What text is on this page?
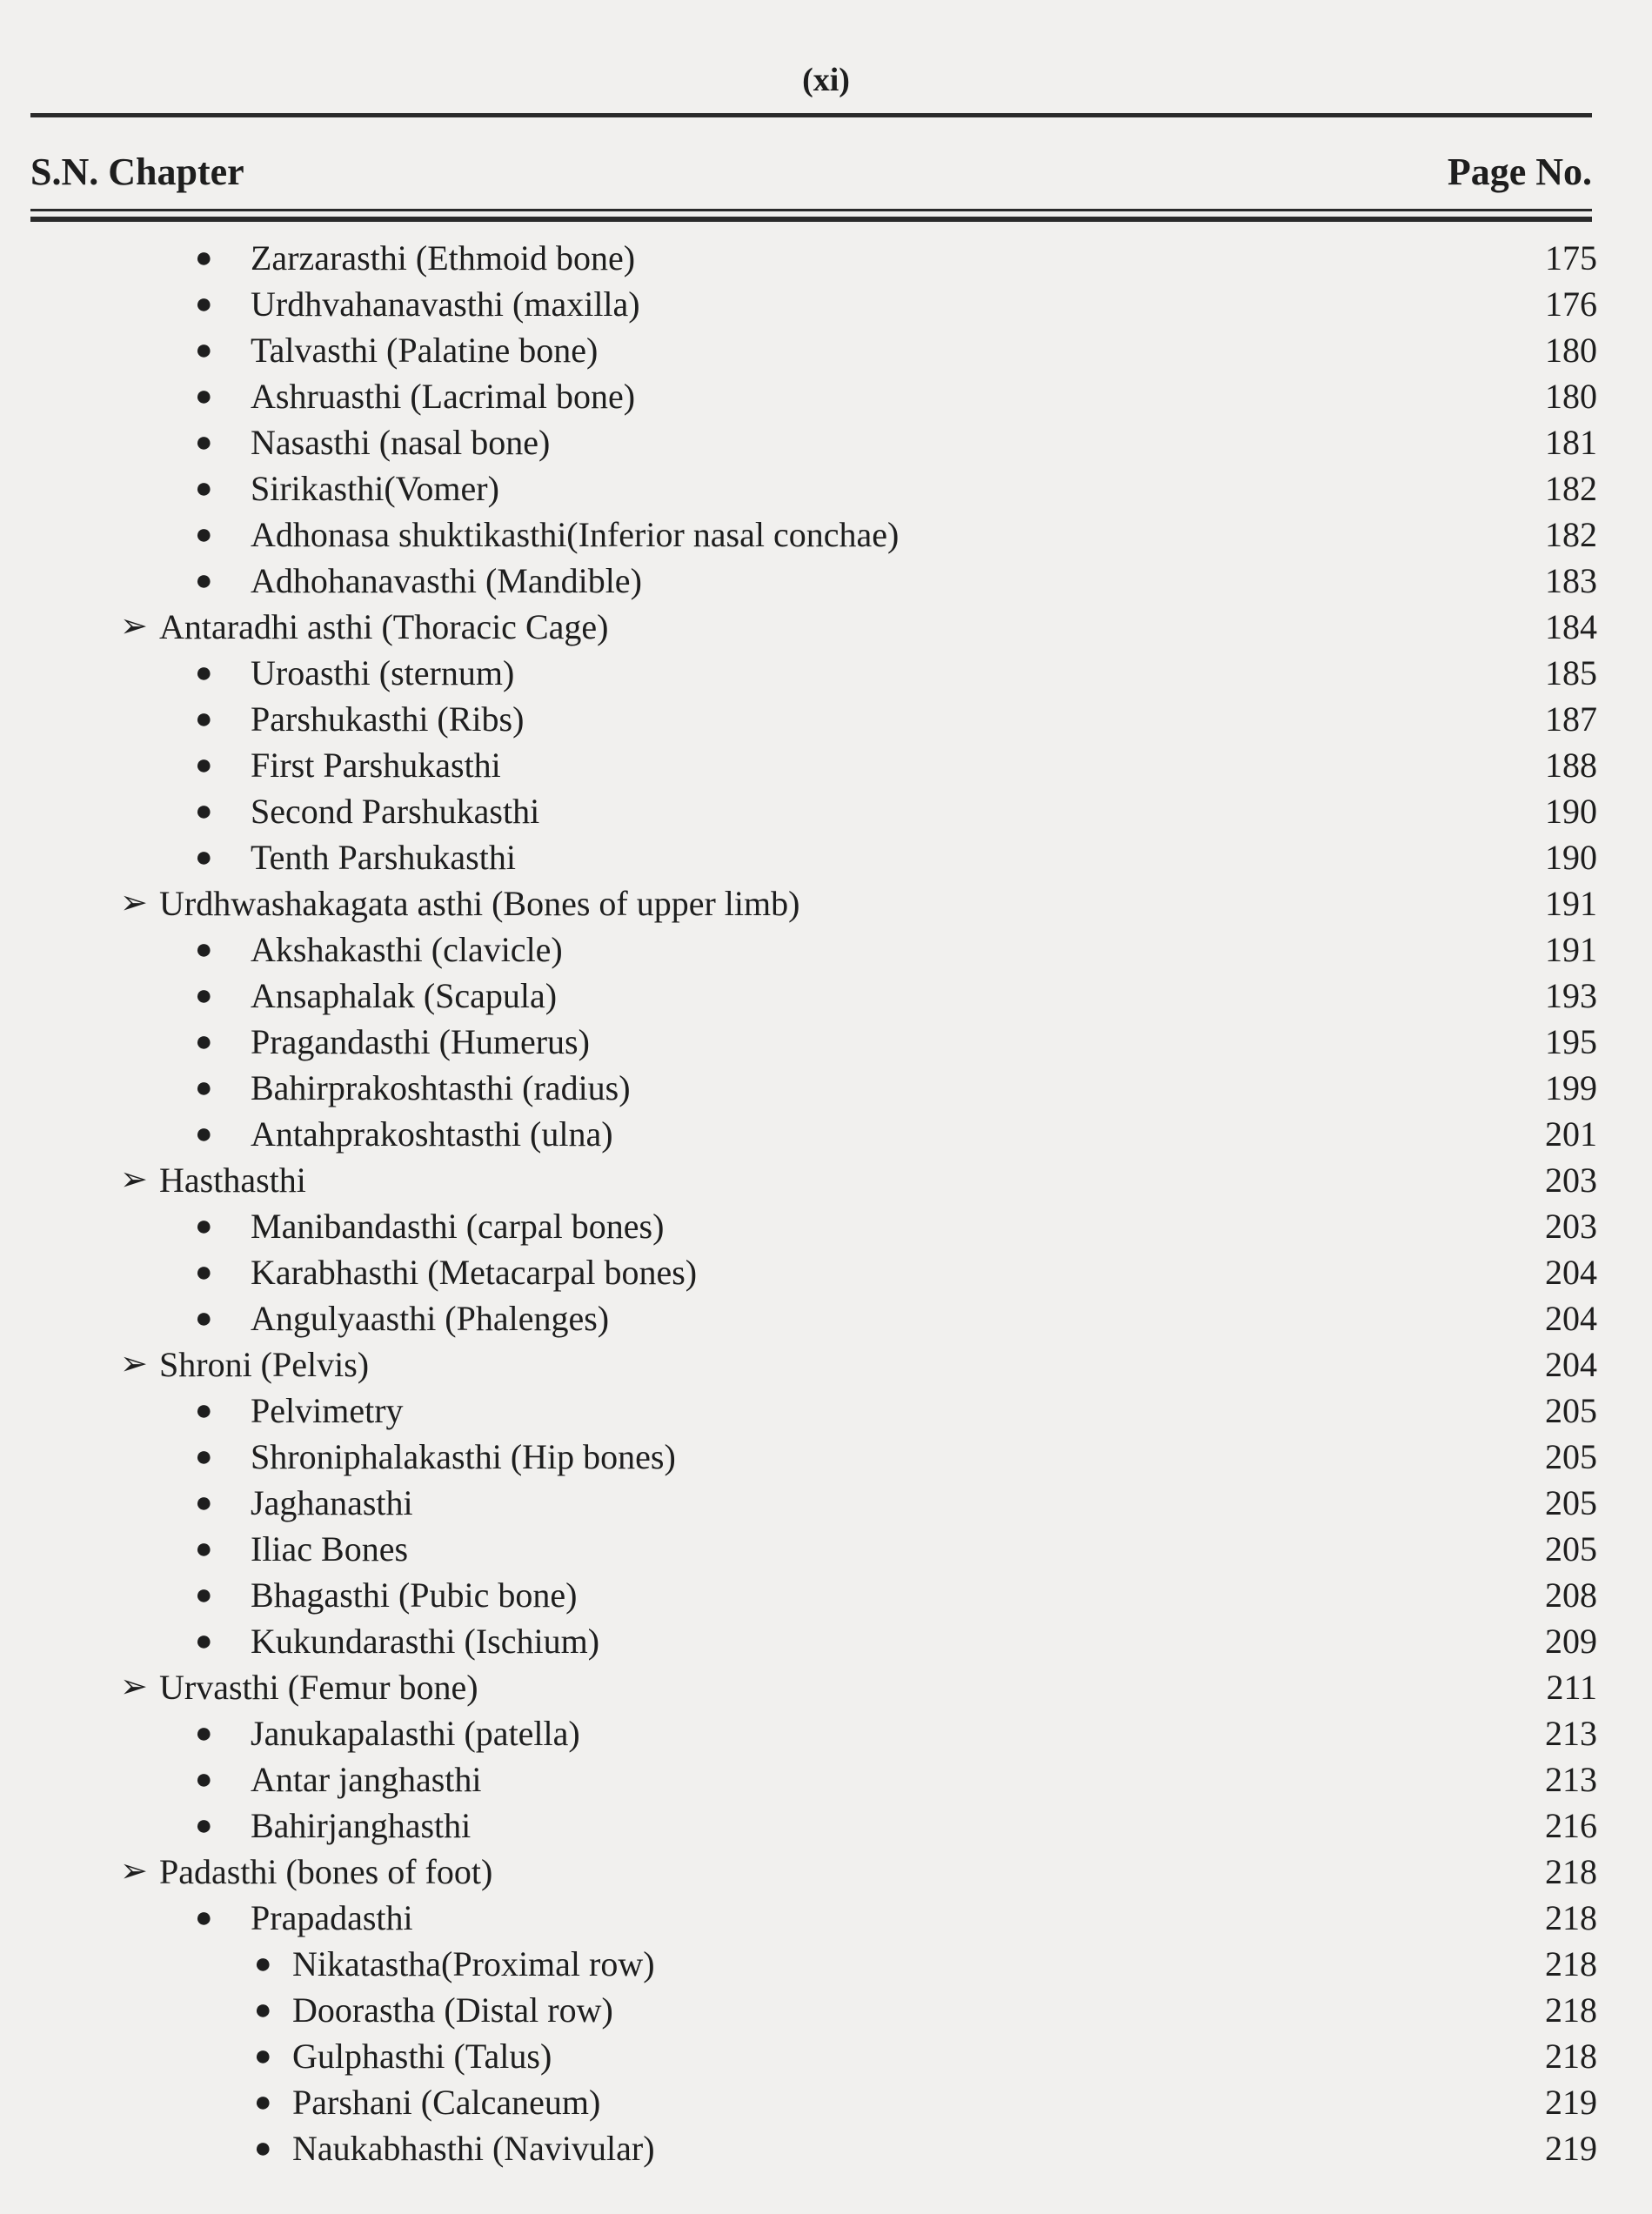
(xi)
S.N. Chapter	Page No.
● Zarzarasthi (Ethmoid bone)	175
● Urdhvahanavasthi (maxilla)	176
● Talvasthi (Palatine bone)	180
● Ashruasthi (Lacrimal bone)	180
● Nasasthi (nasal bone)	181
● Sirikasthi(Vomer)	182
● Adhonasa shuktikasthi(Inferior nasal conchae)	182
● Adhohanavasthi (Mandible)	183
➢ Antaradhi asthi (Thoracic Cage)	184
● Uroasthi (sternum)	185
● Parshukasthi (Ribs)	187
● First Parshukasthi	188
● Second Parshukasthi	190
● Tenth Parshukasthi	190
➢ Urdhwashakagata asthi (Bones of upper limb)	191
● Akshakasthi (clavicle)	191
● Ansaphalak (Scapula)	193
● Pragandasthi (Humerus)	195
● Bahirprakoshtasthi (radius)	199
● Antahprakoshtasthi (ulna)	201
➢ Hasthasthi	203
● Manibandasthi (carpal bones)	203
● Karabhasthi (Metacarpal bones)	204
● Angulyaasthi (Phalenges)	204
➢ Shroni (Pelvis)	204
● Pelvimetry	205
● Shroniphalakasthi (Hip bones)	205
● Jaghanasthi	205
● Iliac Bones	205
● Bhagasthi (Pubic bone)	208
● Kukundarasthi (Ischium)	209
➢ Urvasthi (Femur bone)	211
● Janukapalasthi (patella)	213
● Antar janghasthi	213
● Bahirjanghasthi	216
➢ Padasthi (bones of foot)	218
● Prapadasthi	218
● Nikatastha(Proximal row)	218
● Doorastha (Distal row)	218
● Gulphasthi (Talus)	218
● Parshani (Calcaneum)	219
● Naukabhasthi (Navivular)	219
